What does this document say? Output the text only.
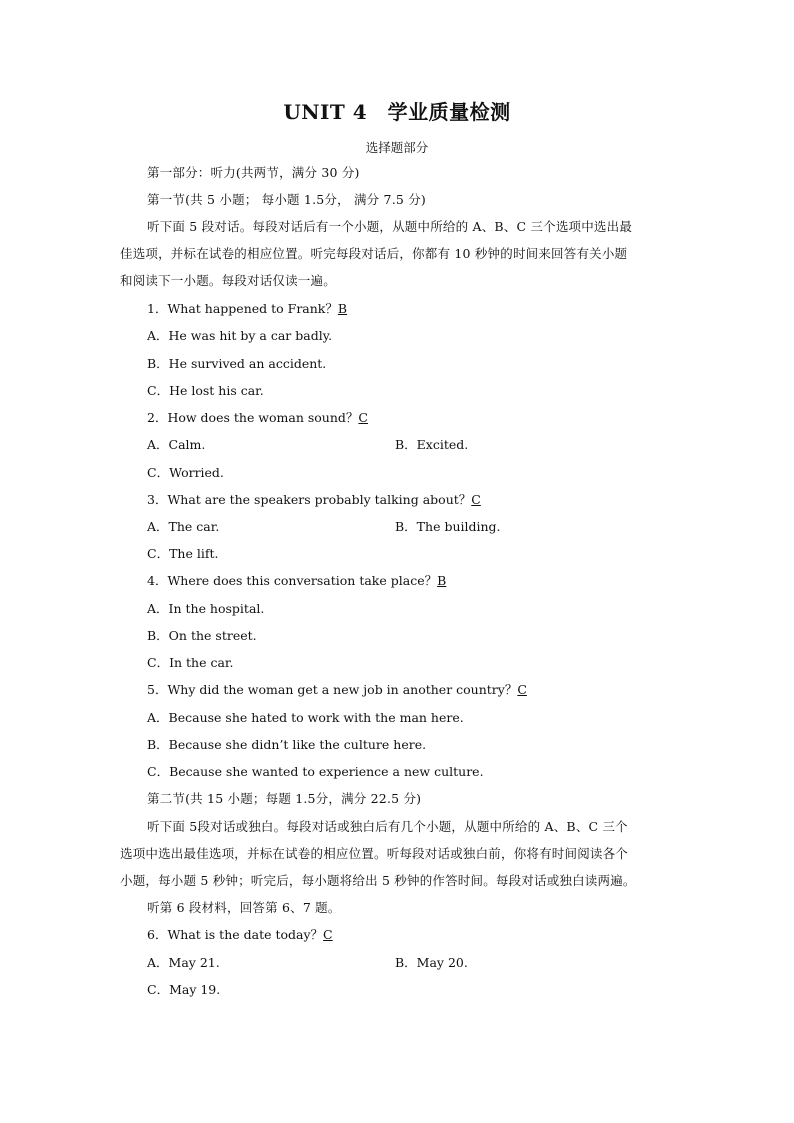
UNIT 4　学业质量检测
选择题部分
第一部分：听力(共两节，满分 30 分)
第一节(共 5 小题； 每小题 1.5分， 满分 7.5 分)
听下面 5 段对话。每段对话后有一个小题，从题中所给的 A、B、C 三个选项中选出最
佳选项，并标在试卷的相应位置。听完每段对话后，你都有 10 秒钟的时间来回答有关小题
和阅读下一小题。每段对话仅读一遍。
1．What happened to Frank？B
A．He was hit by a car badly.
B．He survived an accident.
C．He lost his car.
2．How does the woman sound？C
A．Calm.	B．Excited.
C．Worried.
3．What are the speakers probably talking about？C
A．The car.	B．The building.
C．The lift.
4．Where does this conversation take place？B
A．In the hospital.
B．On the street.
C．In the car.
5．Why did the woman get a new job in another country？C
A．Because she hated to work with the man here.
B．Because she didn’t like the culture here.
C．Because she wanted to experience a new culture.
第二节(共 15 小题；每题 1.5分，满分 22.5 分)
听下面 5段对话或独白。每段对话或独白后有几个小题，从题中所给的 A、B、C 三个
选项中选出最佳选项，并标在试卷的相应位置。听每段对话或独白前，你将有时间阅读各个
小题，每小题 5 秒钟；听完后，每小题将给出 5 秒钟的作答时间。每段对话或独白读两遍。
听第 6 段材料，回答第 6、7 题。
6．What is the date today？C
A．May 21.	B．May 20.
C．May 19.
